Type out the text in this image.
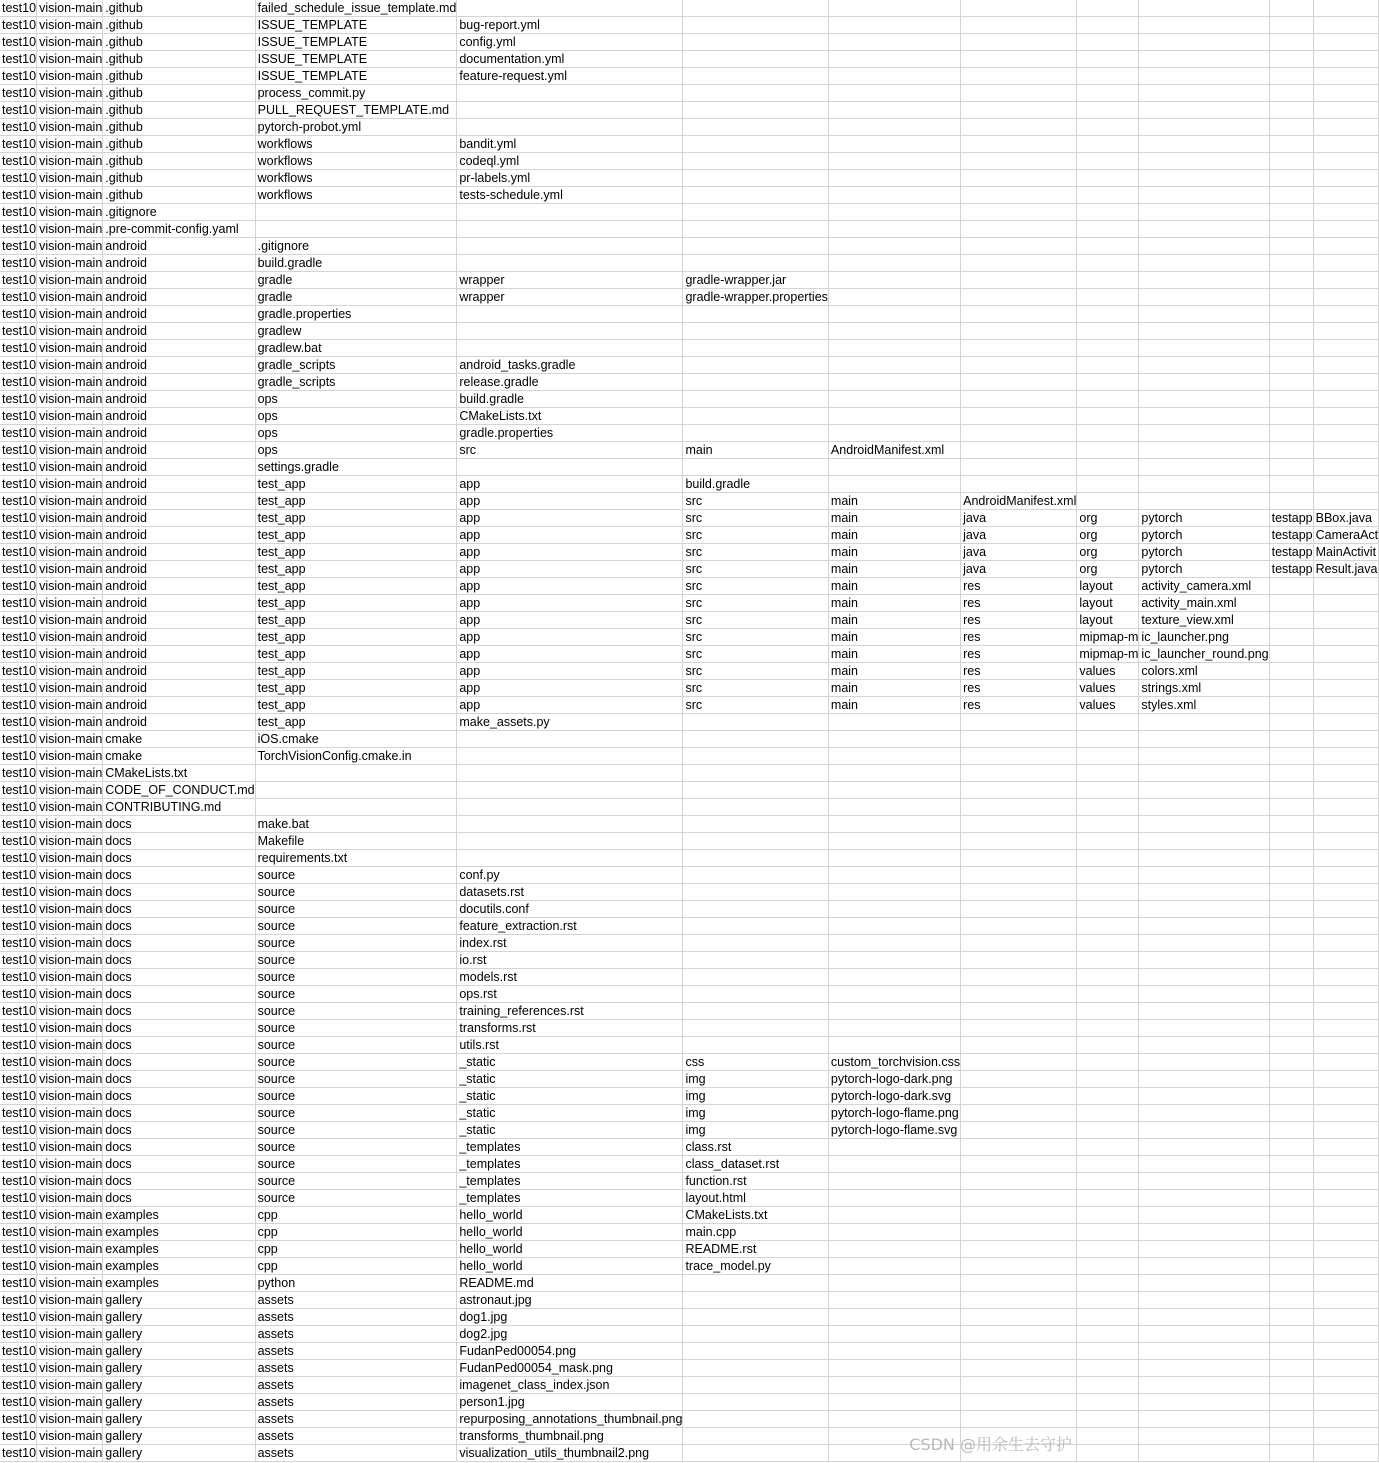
test10	vision-main	.github	failed_schedule_issue_template.md								
test10	vision-main	.github	ISSUE_TEMPLATE	bug-report.yml							
test10	vision-main	.github	ISSUE_TEMPLATE	config.yml							
test10	vision-main	.github	ISSUE_TEMPLATE	documentation.yml							
test10	vision-main	.github	ISSUE_TEMPLATE	feature-request.yml							
test10	vision-main	.github	process_commit.py								
test10	vision-main	.github	PULL_REQUEST_TEMPLATE.md								
test10	vision-main	.github	pytorch-probot.yml								
test10	vision-main	.github	workflows	bandit.yml							
test10	vision-main	.github	workflows	codeql.yml							
test10	vision-main	.github	workflows	pr-labels.yml							
test10	vision-main	.github	workflows	tests-schedule.yml							
test10	vision-main	.gitignore									
test10	vision-main	.pre-commit-config.yaml									
test10	vision-main	android	.gitignore								
test10	vision-main	android	build.gradle								
test10	vision-main	android	gradle	wrapper	gradle-wrapper.jar						
test10	vision-main	android	gradle	wrapper	gradle-wrapper.properties						
test10	vision-main	android	gradle.properties								
test10	vision-main	android	gradlew								
test10	vision-main	android	gradlew.bat								
test10	vision-main	android	gradle_scripts	android_tasks.gradle							
test10	vision-main	android	gradle_scripts	release.gradle							
test10	vision-main	android	ops	build.gradle							
test10	vision-main	android	ops	CMakeLists.txt							
test10	vision-main	android	ops	gradle.properties							
test10	vision-main	android	ops	src	main	AndroidManifest.xml					
test10	vision-main	android	settings.gradle								
test10	vision-main	android	test_app	app	build.gradle						
test10	vision-main	android	test_app	app	src	main	AndroidManifest.xml				
test10	vision-main	android	test_app	app	src	main	java	org	pytorch	testapp	BBox.java
test10	vision-main	android	test_app	app	src	main	java	org	pytorch	testapp	CameraAct
test10	vision-main	android	test_app	app	src	main	java	org	pytorch	testapp	MainActivit
test10	vision-main	android	test_app	app	src	main	java	org	pytorch	testapp	Result.java
test10	vision-main	android	test_app	app	src	main	res	layout	activity_camera.xml		
test10	vision-main	android	test_app	app	src	main	res	layout	activity_main.xml		
test10	vision-main	android	test_app	app	src	main	res	layout	texture_view.xml		
test10	vision-main	android	test_app	app	src	main	res	mipmap-m	ic_launcher.png		
test10	vision-main	android	test_app	app	src	main	res	mipmap-m	ic_launcher_round.png		
test10	vision-main	android	test_app	app	src	main	res	values	colors.xml		
test10	vision-main	android	test_app	app	src	main	res	values	strings.xml		
test10	vision-main	android	test_app	app	src	main	res	values	styles.xml		
test10	vision-main	android	test_app	make_assets.py							
test10	vision-main	cmake	iOS.cmake								
test10	vision-main	cmake	TorchVisionConfig.cmake.in								
test10	vision-main	CMakeLists.txt									
test10	vision-main	CODE_OF_CONDUCT.md									
test10	vision-main	CONTRIBUTING.md									
test10	vision-main	docs	make.bat								
test10	vision-main	docs	Makefile								
test10	vision-main	docs	requirements.txt								
test10	vision-main	docs	source	conf.py							
test10	vision-main	docs	source	datasets.rst							
test10	vision-main	docs	source	docutils.conf							
test10	vision-main	docs	source	feature_extraction.rst							
test10	vision-main	docs	source	index.rst							
test10	vision-main	docs	source	io.rst							
test10	vision-main	docs	source	models.rst							
test10	vision-main	docs	source	ops.rst							
test10	vision-main	docs	source	training_references.rst							
test10	vision-main	docs	source	transforms.rst							
test10	vision-main	docs	source	utils.rst							
test10	vision-main	docs	source	_static	css	custom_torchvision.css					
test10	vision-main	docs	source	_static	img	pytorch-logo-dark.png					
test10	vision-main	docs	source	_static	img	pytorch-logo-dark.svg					
test10	vision-main	docs	source	_static	img	pytorch-logo-flame.png					
test10	vision-main	docs	source	_static	img	pytorch-logo-flame.svg					
test10	vision-main	docs	source	_templates	class.rst						
test10	vision-main	docs	source	_templates	class_dataset.rst						
test10	vision-main	docs	source	_templates	function.rst						
test10	vision-main	docs	source	_templates	layout.html						
test10	vision-main	examples	cpp	hello_world	CMakeLists.txt						
test10	vision-main	examples	cpp	hello_world	main.cpp						
test10	vision-main	examples	cpp	hello_world	README.rst						
test10	vision-main	examples	cpp	hello_world	trace_model.py						
test10	vision-main	examples	python	README.md							
test10	vision-main	gallery	assets	astronaut.jpg							
test10	vision-main	gallery	assets	dog1.jpg							
test10	vision-main	gallery	assets	dog2.jpg							
test10	vision-main	gallery	assets	FudanPed00054.png							
test10	vision-main	gallery	assets	FudanPed00054_mask.png							
test10	vision-main	gallery	assets	imagenet_class_index.json							
test10	vision-main	gallery	assets	person1.jpg							
test10	vision-main	gallery	assets	repurposing_annotations_thumbnail.png							
test10	vision-main	gallery	assets	transforms_thumbnail.png							
test10	vision-main	gallery	assets	visualization_utils_thumbnail2.png								CSDN @用余生去守护
